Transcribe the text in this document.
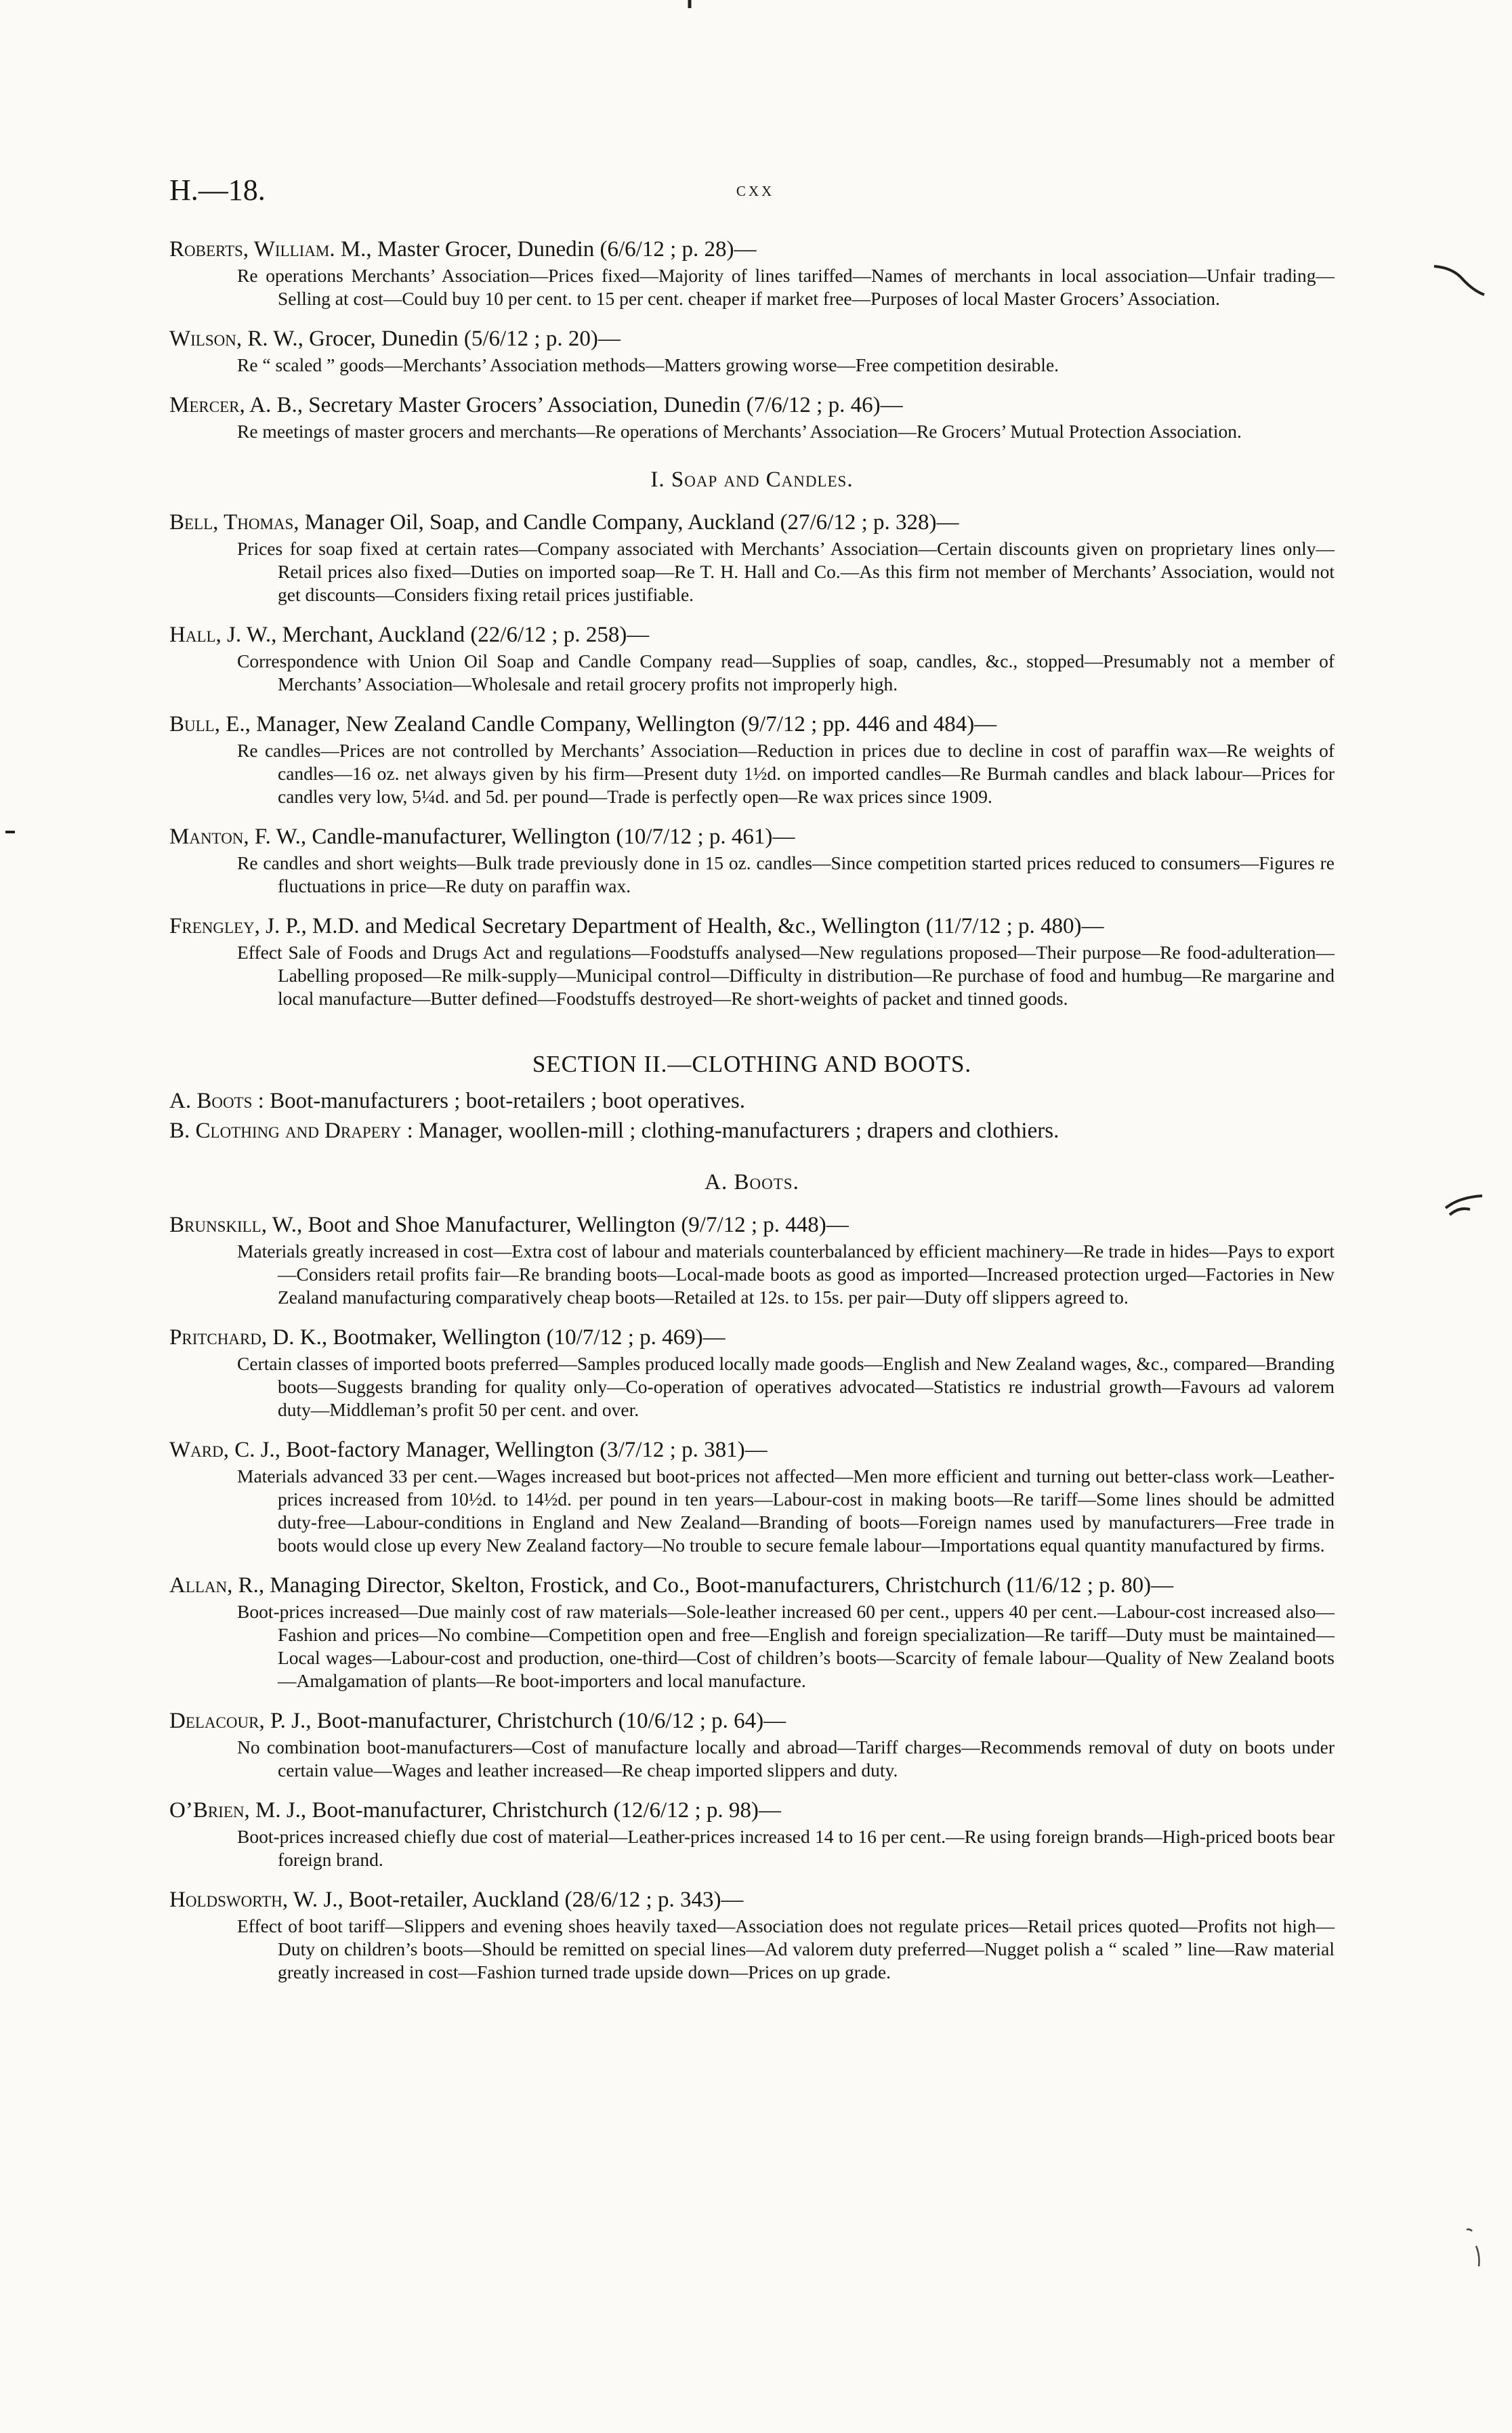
H.—18.	cxx
Roberts, William. M., Master Grocer, Dunedin (6/6/12 ; p. 28)—
Re operations Merchants’ Association—Prices fixed—Majority of lines tariffed—Names of merchants in local association—Unfair trading—Selling at cost—Could buy 10 per cent. to 15 per cent. cheaper if market free—Purposes of local Master Grocers’ Association.
Wilson, R. W., Grocer, Dunedin (5/6/12 ; p. 20)—
Re “ scaled ” goods—Merchants’ Association methods—Matters growing worse—Free competition desirable.
Mercer, A. B., Secretary Master Grocers’ Association, Dunedin (7/6/12 ; p. 46)—
Re meetings of master grocers and merchants—Re operations of Merchants’ Association—Re Grocers’ Mutual Protection Association.
I. Soap and Candles.
Bell, Thomas, Manager Oil, Soap, and Candle Company, Auckland (27/6/12 ; p. 328)—
Prices for soap fixed at certain rates—Company associated with Merchants’ Association—Certain discounts given on proprietary lines only—Retail prices also fixed—Duties on imported soap—Re T. H. Hall and Co.—As this firm not member of Merchants’ Association, would not get discounts—Considers fixing retail prices justifiable.
Hall, J. W., Merchant, Auckland (22/6/12 ; p. 258)—
Correspondence with Union Oil Soap and Candle Company read—Supplies of soap, candles, &c., stopped—Presumably not a member of Merchants’ Association—Wholesale and retail grocery profits not improperly high.
Bull, E., Manager, New Zealand Candle Company, Wellington (9/7/12 ; pp. 446 and 484)—
Re candles—Prices are not controlled by Merchants’ Association—Reduction in prices due to decline in cost of paraffin wax—Re weights of candles—16 oz. net always given by his firm—Present duty 1½d. on imported candles—Re Burmah candles and black labour—Prices for candles very low, 5¼d. and 5d. per pound—Trade is perfectly open—Re wax prices since 1909.
Manton, F. W., Candle-manufacturer, Wellington (10/7/12 ; p. 461)—
Re candles and short weights—Bulk trade previously done in 15 oz. candles—Since competition started prices reduced to consumers—Figures re fluctuations in price—Re duty on paraffin wax.
Frengley, J. P., M.D. and Medical Secretary Department of Health, &c., Wellington (11/7/12 ; p. 480)—
Effect Sale of Foods and Drugs Act and regulations—Foodstuffs analysed—New regulations proposed—Their purpose—Re food-adulteration—Labelling proposed—Re milk-supply—Municipal control—Difficulty in distribution—Re purchase of food and humbug—Re margarine and local manufacture—Butter defined—Foodstuffs destroyed—Re short-weights of packet and tinned goods.
SECTION II.—CLOTHING AND BOOTS.
A. Boots : Boot-manufacturers ; boot-retailers ; boot operatives.
B. Clothing and Drapery : Manager, woollen-mill ; clothing-manufacturers ; drapers and clothiers.
A. Boots.
Brunskill, W., Boot and Shoe Manufacturer, Wellington (9/7/12 ; p. 448)—
Materials greatly increased in cost—Extra cost of labour and materials counterbalanced by efficient machinery—Re trade in hides—Pays to export—Considers retail profits fair—Re branding boots—Local-made boots as good as imported—Increased protection urged—Factories in New Zealand manufacturing comparatively cheap boots—Retailed at 12s. to 15s. per pair—Duty off slippers agreed to.
Pritchard, D. K., Bootmaker, Wellington (10/7/12 ; p. 469)—
Certain classes of imported boots preferred—Samples produced locally made goods—English and New Zealand wages, &c., compared—Branding boots—Suggests branding for quality only—Co-operation of operatives advocated—Statistics re industrial growth—Favours ad valorem duty—Middleman’s profit 50 per cent. and over.
Ward, C. J., Boot-factory Manager, Wellington (3/7/12 ; p. 381)—
Materials advanced 33 per cent.—Wages increased but boot-prices not affected—Men more efficient and turning out better-class work—Leather-prices increased from 10½d. to 14½d. per pound in ten years—Labour-cost in making boots—Re tariff—Some lines should be admitted duty-free—Labour-conditions in England and New Zealand—Branding of boots—Foreign names used by manufacturers—Free trade in boots would close up every New Zealand factory—No trouble to secure female labour—Importations equal quantity manufactured by firms.
Allan, R., Managing Director, Skelton, Frostick, and Co., Boot-manufacturers, Christchurch (11/6/12 ; p. 80)—
Boot-prices increased—Due mainly cost of raw materials—Sole-leather increased 60 per cent., uppers 40 per cent.—Labour-cost increased also—Fashion and prices—No combine—Competition open and free—English and foreign specialization—Re tariff—Duty must be maintained—Local wages—Labour-cost and production, one-third—Cost of children’s boots—Scarcity of female labour—Quality of New Zealand boots—Amalgamation of plants—Re boot-importers and local manufacture.
Delacour, P. J., Boot-manufacturer, Christchurch (10/6/12 ; p. 64)—
No combination boot-manufacturers—Cost of manufacture locally and abroad—Tariff charges—Recommends removal of duty on boots under certain value—Wages and leather increased—Re cheap imported slippers and duty.
O’Brien, M. J., Boot-manufacturer, Christchurch (12/6/12 ; p. 98)—
Boot-prices increased chiefly due cost of material—Leather-prices increased 14 to 16 per cent.—Re using foreign brands—High-priced boots bear foreign brand.
Holdsworth, W. J., Boot-retailer, Auckland (28/6/12 ; p. 343)—
Effect of boot tariff—Slippers and evening shoes heavily taxed—Association does not regulate prices—Retail prices quoted—Profits not high—Duty on children’s boots—Should be remitted on special lines—Ad valorem duty preferred—Nugget polish a “ scaled ” line—Raw material greatly increased in cost—Fashion turned trade upside down—Prices on up grade.
